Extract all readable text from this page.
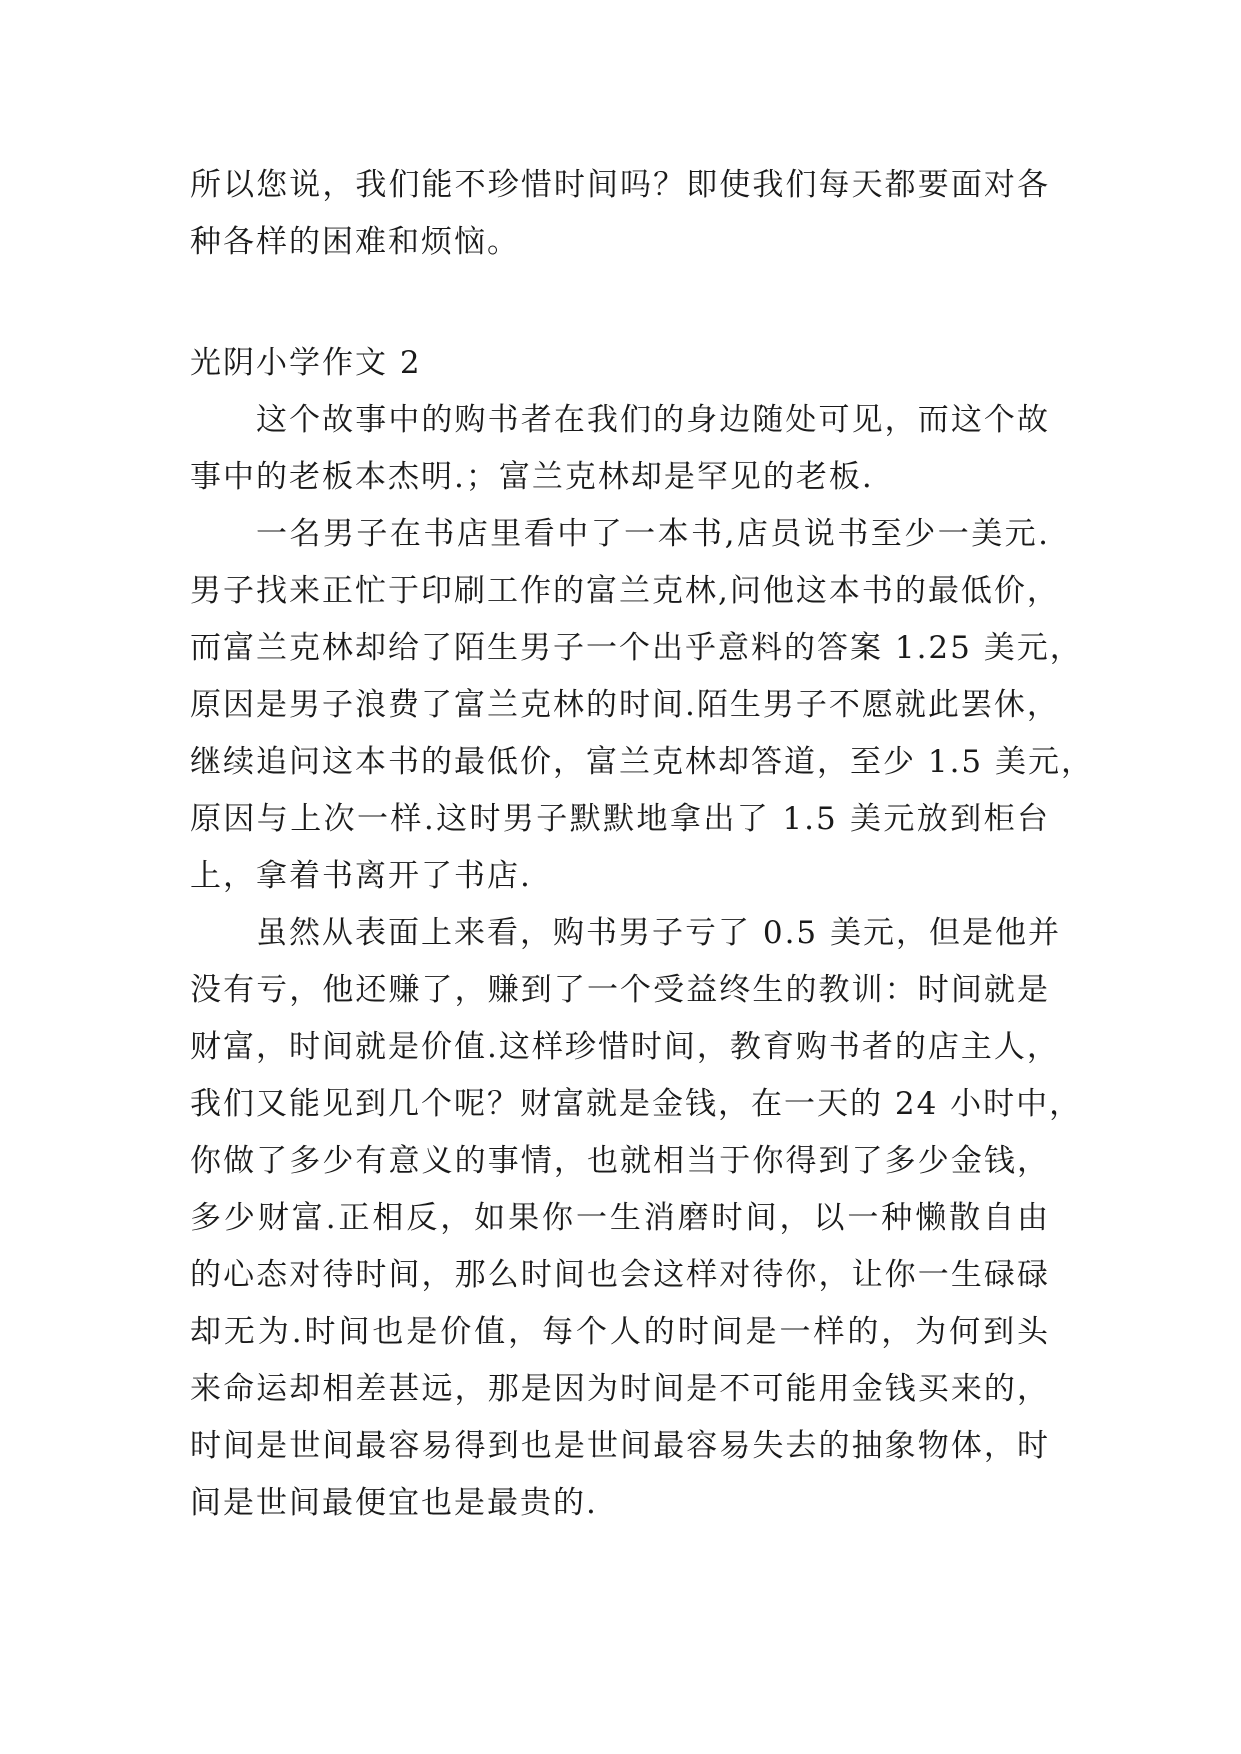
所以您说，我们能不珍惜时间吗？即使我们每天都要面对各
种各样的困难和烦恼。
光阴小学作文 2
这个故事中的购书者在我们的身边随处可见，而这个故
事中的老板本杰明.；富兰克林却是罕见的老板.
一名男子在书店里看中了一本书,店员说书至少一美元.
男子找来正忙于印刷工作的富兰克林,问他这本书的最低价，
而富兰克林却给了陌生男子一个出乎意料的答案 1.25 美元，
原因是男子浪费了富兰克林的时间.陌生男子不愿就此罢休，
继续追问这本书的最低价，富兰克林却答道，至少 1.5 美元，
原因与上次一样.这时男子默默地拿出了 1.5 美元放到柜台
上，拿着书离开了书店.
虽然从表面上来看，购书男子亏了 0.5 美元，但是他并
没有亏，他还赚了，赚到了一个受益终生的教训：时间就是
财富，时间就是价值.这样珍惜时间，教育购书者的店主人，
我们又能见到几个呢？财富就是金钱，在一天的 24 小时中，
你做了多少有意义的事情，也就相当于你得到了多少金钱，
多少财富.正相反，如果你一生消磨时间，以一种懒散自由
的心态对待时间，那么时间也会这样对待你，让你一生碌碌
却无为.时间也是价值，每个人的时间是一样的，为何到头
来命运却相差甚远，那是因为时间是不可能用金钱买来的，
时间是世间最容易得到也是世间最容易失去的抽象物体，时
间是世间最便宜也是最贵的.
